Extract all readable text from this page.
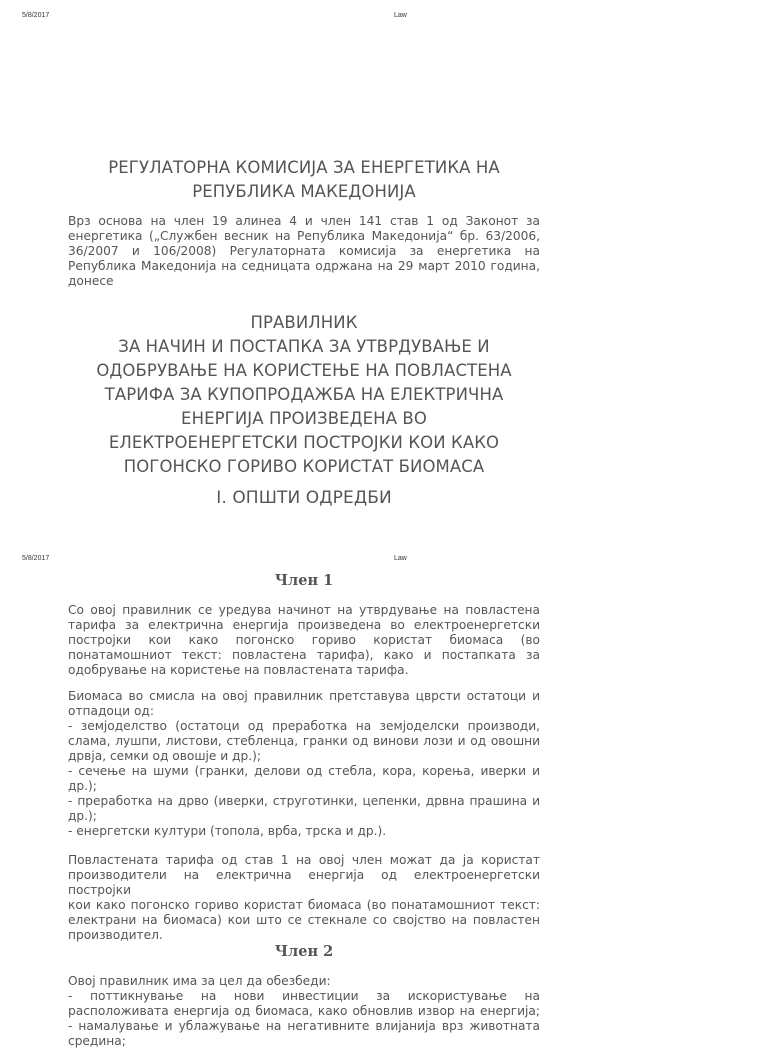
5/8/2017	Law
РЕГУЛАТОРНА КОМИСИЈА ЗА ЕНЕРГЕТИКА НА
РЕПУБЛИКА МАКЕДОНИЈА
Врз основа на член 19 алинеа 4 и член 141 став 1 од Законот за
енергетика („Службен весник на Република Македонија“ бр. 63/2006,
36/2007 и 106/2008) Регулаторната комисија за енергетика на
Република Македонија на седницата одржана на 29 март 2010 година,
донесе
ПРАВИЛНИК
ЗА НАЧИН И ПОСТАПКА ЗА УТВРДУВАЊЕ И
ОДОБРУВАЊЕ НА КОРИСТЕЊЕ НА ПОВЛАСТЕНА
ТАРИФА ЗА КУПОПРОДАЖБА НА ЕЛЕКТРИЧНА
ЕНЕРГИЈА ПРОИЗВЕДЕНА ВО
ЕЛЕКТРОЕНЕРГЕТСКИ ПОСТРОЈКИ КОИ КАКО
ПОГОНСКО ГОРИВО КОРИСТАТ БИОМАСА
I. ОПШТИ ОДРЕДБИ
5/8/2017	Law
Член 1
Со овој правилник се уредува начинот на утврдување на повластена
тарифа за електрична енергија произведена во електроенергетски
постројки кои како погонско гориво користат биомаса (во
понатамошниот текст: повластена тарифа), како и постапката за
одобрување на користење на повластената тарифа.
Биомаса во смисла на овој правилник претставува цврсти остатоци и
отпадоци од:
- земјоделство (остатоци од преработка на земјоделски производи,
слама, лушпи, листови, стебленца, гранки од винови лози и од овошни
дрвја, семки од овошје и др.);
- сечење на шуми (гранки, делови од стебла, кора, корења, иверки и
др.);
- преработка на дрво (иверки, струготинки, цепенки, дрвна прашина и
др.);
- енергетски култури (топола, врба, трска и др.).
Повластената тарифа од став 1 на овој член можат да ја користат
производители на електрична енергија од електроенергетски постројки
кои како погонско гориво користат биомаса (во понатамошниот текст:
електрани на биомаса) кои што се стекнале со својство на повластен
производител.
Член 2
Овој правилник има за цел да обезбеди:
- поттикнување на нови инвестиции за искористување на
расположивата енергија од биомаса, како обновлив извор на енергија;
- намалување и ублажување на негативните влијанија врз животната средина;
